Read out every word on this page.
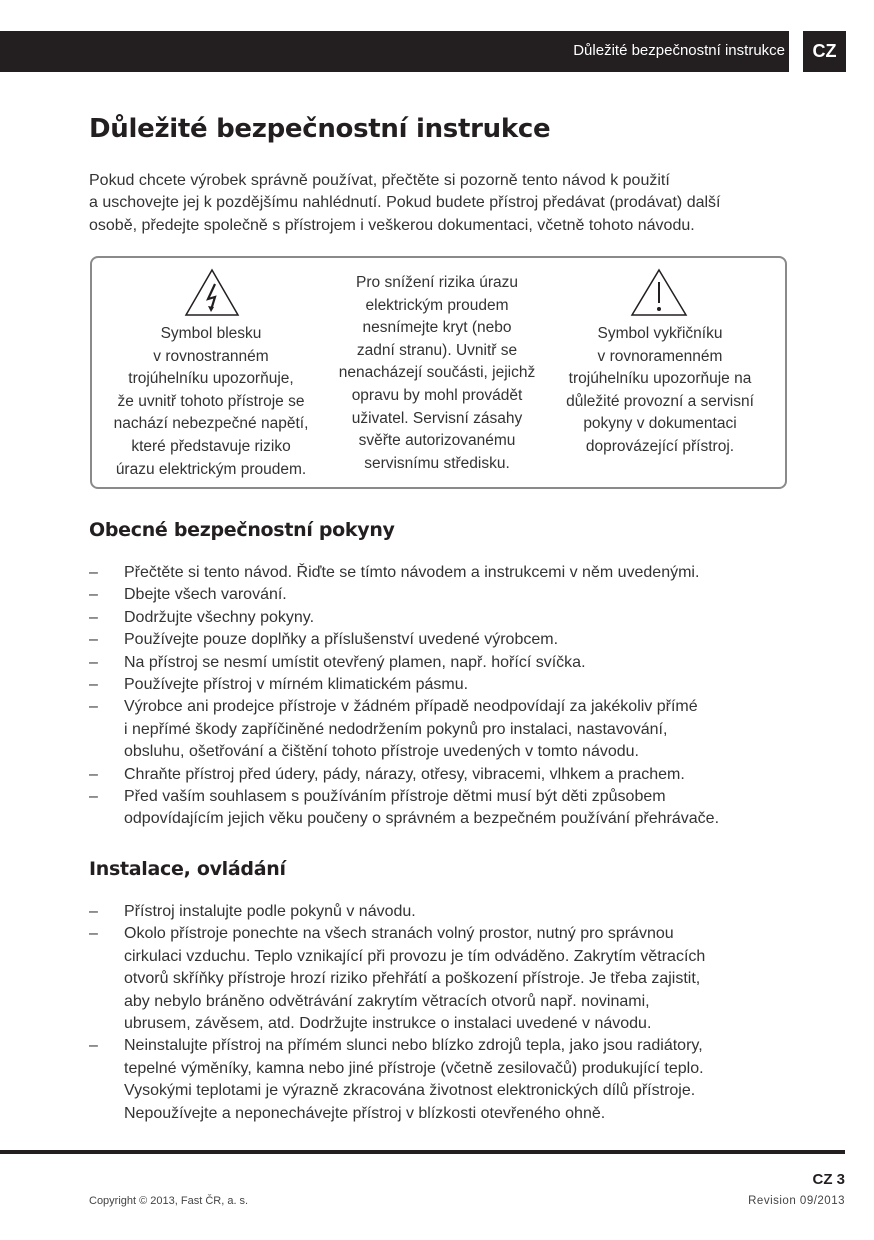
Důležité bezpečnostní instrukce	CZ
Důležité bezpečnostní instrukce
Pokud chcete výrobek správně používat, přečtěte si pozorně tento návod k použití
a uschovejte jej k pozdějšímu nahlédnutí. Pokud budete přístroj předávat (prodávat) další
osobě, předejte společně s přístrojem i veškerou dokumentaci, včetně tohoto návodu.
Symbol blesku
v rovnostranném
trojúhelníku upozorňuje,
že uvnitř tohoto přístroje se
nachází nebezpečné napětí,
které představuje riziko
úrazu elektrickým proudem.
Pro snížení rizika úrazu
elektrickým proudem
nesnímejte kryt (nebo
zadní stranu). Uvnitř se
nenacházejí součásti, jejichž
opravu by mohl provádět
uživatel. Servisní zásahy
svěřte autorizovanému
servisnímu středisku.
Symbol vykřičníku
v rovnoramenném
trojúhelníku upozorňuje na
důležité provozní a servisní
pokyny v dokumentaci
doprovázející přístroj.
Obecné bezpečnostní pokyny
– Přečtěte si tento návod. Řiďte se tímto návodem a instrukcemi v něm uvedenými.
– Dbejte všech varování.
– Dodržujte všechny pokyny.
– Používejte pouze doplňky a příslušenství uvedené výrobcem.
– Na přístroj se nesmí umístit otevřený plamen, např. hořící svíčka.
– Používejte přístroj v mírném klimatickém pásmu.
– Výrobce ani prodejce přístroje v žádném případě neodpovídají za jakékoliv přímé
i nepřímé škody zapříčiněné nedodržením pokynů pro instalaci, nastavování,
obsluhu, ošetřování a čištění tohoto přístroje uvedených v tomto návodu.
– Chraňte přístroj před údery, pády, nárazy, otřesy, vibracemi, vlhkem a prachem.
– Před vaším souhlasem s používáním přístroje dětmi musí být děti způsobem
odpovídajícím jejich věku poučeny o správném a bezpečném používání přehrávače.
Instalace, ovládání
– Přístroj instalujte podle pokynů v návodu.
– Okolo přístroje ponechte na všech stranách volný prostor, nutný pro správnou
cirkulaci vzduchu. Teplo vznikající při provozu je tím odváděno. Zakrytím větracích
otvorů skříňky přístroje hrozí riziko přehřátí a poškození přístroje. Je třeba zajistit,
aby nebylo bráněno odvětrávání zakrytím větracích otvorů např. novinami,
ubrusem, závěsem, atd. Dodržujte instrukce o instalaci uvedené v návodu.
– Neinstalujte přístroj na přímém slunci nebo blízko zdrojů tepla, jako jsou radiátory,
tepelné výměníky, kamna nebo jiné přístroje (včetně zesilovačů) produkující teplo.
Vysokými teplotami je výrazně zkracována životnost elektronických dílů přístroje.
Nepoužívejte a neponechávejte přístroj v blízkosti otevřeného ohně.
CZ 3
Copyright © 2013, Fast ČR, a. s.	Revision 09/2013
